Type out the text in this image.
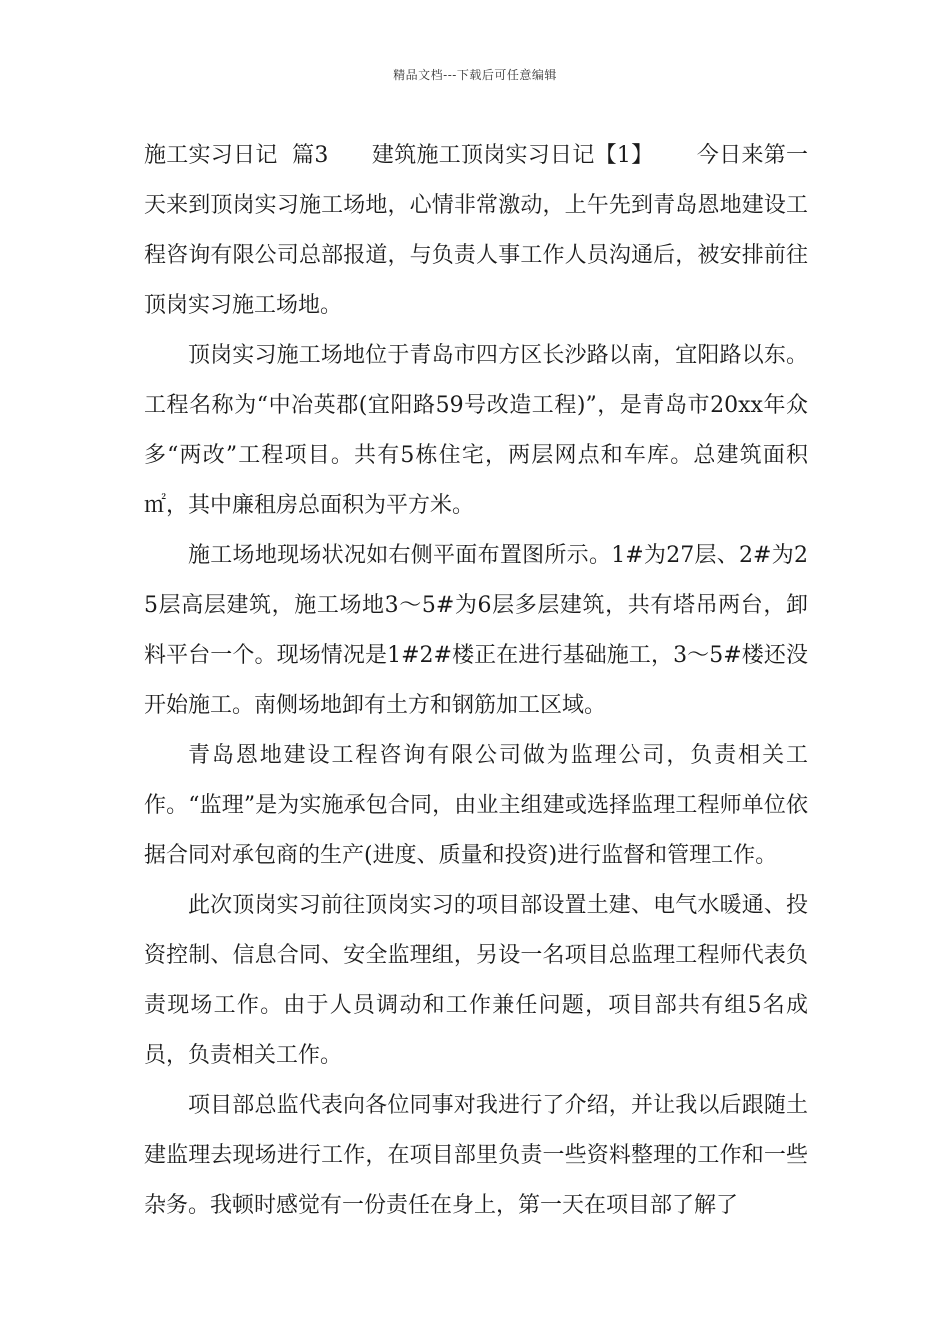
精品文档---下载后可任意编辑

施工实习日记  篇3      建筑施工顶岗实习日记【1】      今日来第一天来到顶岗实习施工场地，心情非常激动，上午先到青岛恩地建设工程咨询有限公司总部报道，与负责人事工作人员沟通后，被安排前往顶岗实习施工场地。

顶岗实习施工场地位于青岛市四方区长沙路以南，宜阳路以东。工程名称为“中冶英郡(宜阳路59号改造工程)”，是青岛市20xx年众多“两改”工程项目。共有5栋住宅，两层网点和车库。总建筑面积㎡，其中廉租房总面积为平方米。

施工场地现场状况如右侧平面布置图所示。1#为27层、2#为25层高层建筑，施工场地3～5#为6层多层建筑，共有塔吊两台，卸料平台一个。现场情况是1#2#楼正在进行基础施工，3～5#楼还没开始施工。南侧场地卸有土方和钢筋加工区域。

青岛恩地建设工程咨询有限公司做为监理公司，负责相关工作。“监理”是为实施承包合同，由业主组建或选择监理工程师单位依据合同对承包商的生产(进度、质量和投资)进行监督和管理工作。

此次顶岗实习前往顶岗实习的项目部设置土建、电气水暖通、投资控制、信息合同、安全监理组，另设一名项目总监理工程师代表负责现场工作。由于人员调动和工作兼任问题，项目部共有组5名成员，负责相关工作。

项目部总监代表向各位同事对我进行了介绍，并让我以后跟随土建监理去现场进行工作，在项目部里负责一些资料整理的工作和一些杂务。我顿时感觉有一份责任在身上，第一天在项目部了解了
